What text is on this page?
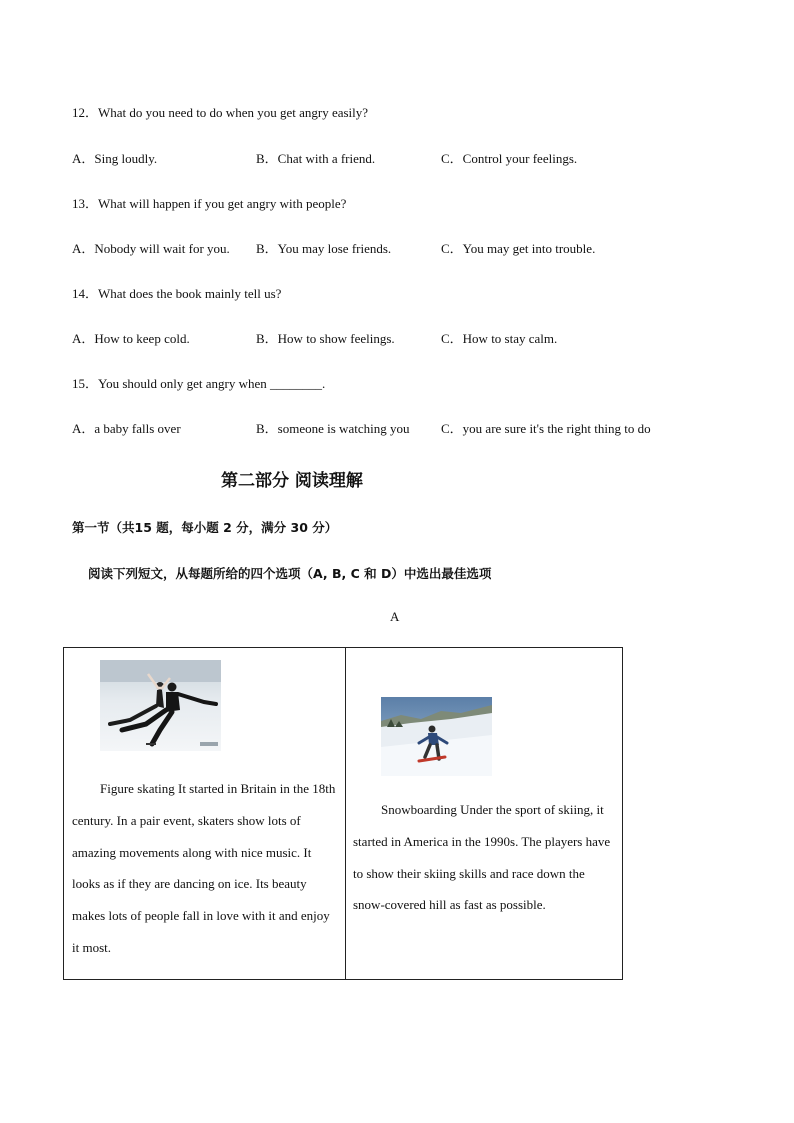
12．What do you need to do when you get angry easily?
A．Sing loudly.	B．Chat with a friend.	C．Control your feelings.
13．What will happen if you get angry with people?
A．Nobody will wait for you. B．You may lose friends.	C．You may get into trouble.
14．What does the book mainly tell us?
A．How to keep cold.	B．How to show feelings.	C．How to stay calm.
15．You should only get angry when ________.
A．a baby falls over	B．someone is watching you C．you are sure it's the right thing to do
第二部分 阅读理解
第一节（共15 题，每小题 2 分，满分 30 分）
阅读下列短文，从每题所给的四个选项（A, B, C 和 D）中选出最佳选项
A
Figure skating It started in Britain in the 18th century. In a pair event, skaters show lots of amazing movements along with nice music. It looks as if they are dancing on ice. Its beauty makes lots of people fall in love with it and enjoy it most.
Snowboarding Under the sport of skiing, it started in America in the 1990s. The players have to show their skiing skills and race down the snow-covered hill as fast as possible.
